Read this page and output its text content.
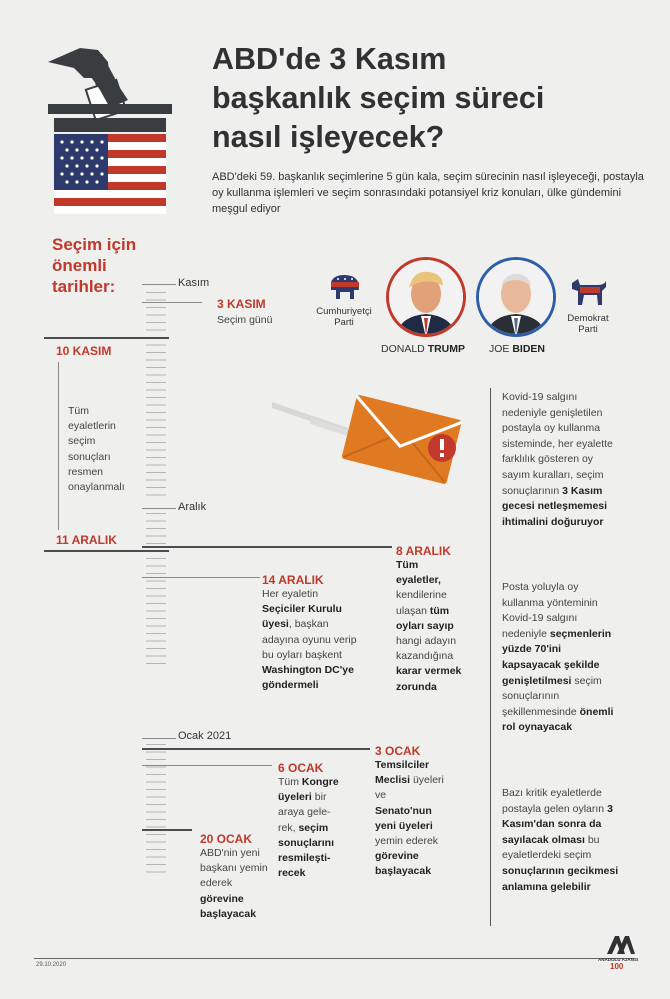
ABD'de 3 Kasım
başkanlık seçim süreci
nasıl işleyecek?
ABD'deki 59. başkanlık seçimlerine 5 gün kala, seçim sürecinin nasıl işleyeceği, postayla oy kullanma işlemleri ve seçim sonrasındaki potansiyel kriz konuları, ülke gündemini meşgul ediyor
Seçim için önemli tarihler:
Cumhuriyetçi Parti
DONALD TRUMP JOE BIDEN
Demokrat Parti
Kasım
Aralık
Ocak 2021
3 KASIM
Seçim günü
10 KASIM
Tüm eyaletlerin seçim sonuçları resmen onaylanmalı
11 ARALIK
8 ARALIK
Tüm eyaletler, kendilerine ulaşan tüm oyları sayıp hangi adayın kazandığına karar vermek zorunda
14 ARALIK
Her eyaletin Seçiciler Kurulu üyesi, başkan adayına oyunu verip bu oyları başkent Washington DC'ye göndermeli
3 OCAK
Temsilciler Meclisi üyeleri ve Senato'nun yeni üyeleri yemin ederek görevine başlayacak
6 OCAK
Tüm Kongre üyeleri bir araya gele-rek, seçim sonuçlarını resmileşti-recek
20 OCAK
ABD'nin yeni başkanı yemin ederek görevine başlayacak
Kovid-19 salgını nedeniyle genişletilen postayla oy kullanma sisteminde, her eyalette farklılık gösteren oy sayım kuralları, seçim sonuçlarının 3 Kasım gecesi netleşmemesi ihtimalini doğuruyor
Posta yoluyla oy kullanma yönteminin Kovid-19 salgını nedeniyle seçmenlerin yüzde 70'ini kapsayacak şekilde genişletilmesi seçim sonuçlarının şekillenmesinde önemli rol oynayacak
Bazı kritik eyaletlerde postayla gelen oyların 3 Kasım'dan sonra da sayılacak olması bu eyaletlerdeki seçim sonuçlarının gecikmesi anlamına gelebilir
29.10.2020
ANADOLU AJANSI
100
